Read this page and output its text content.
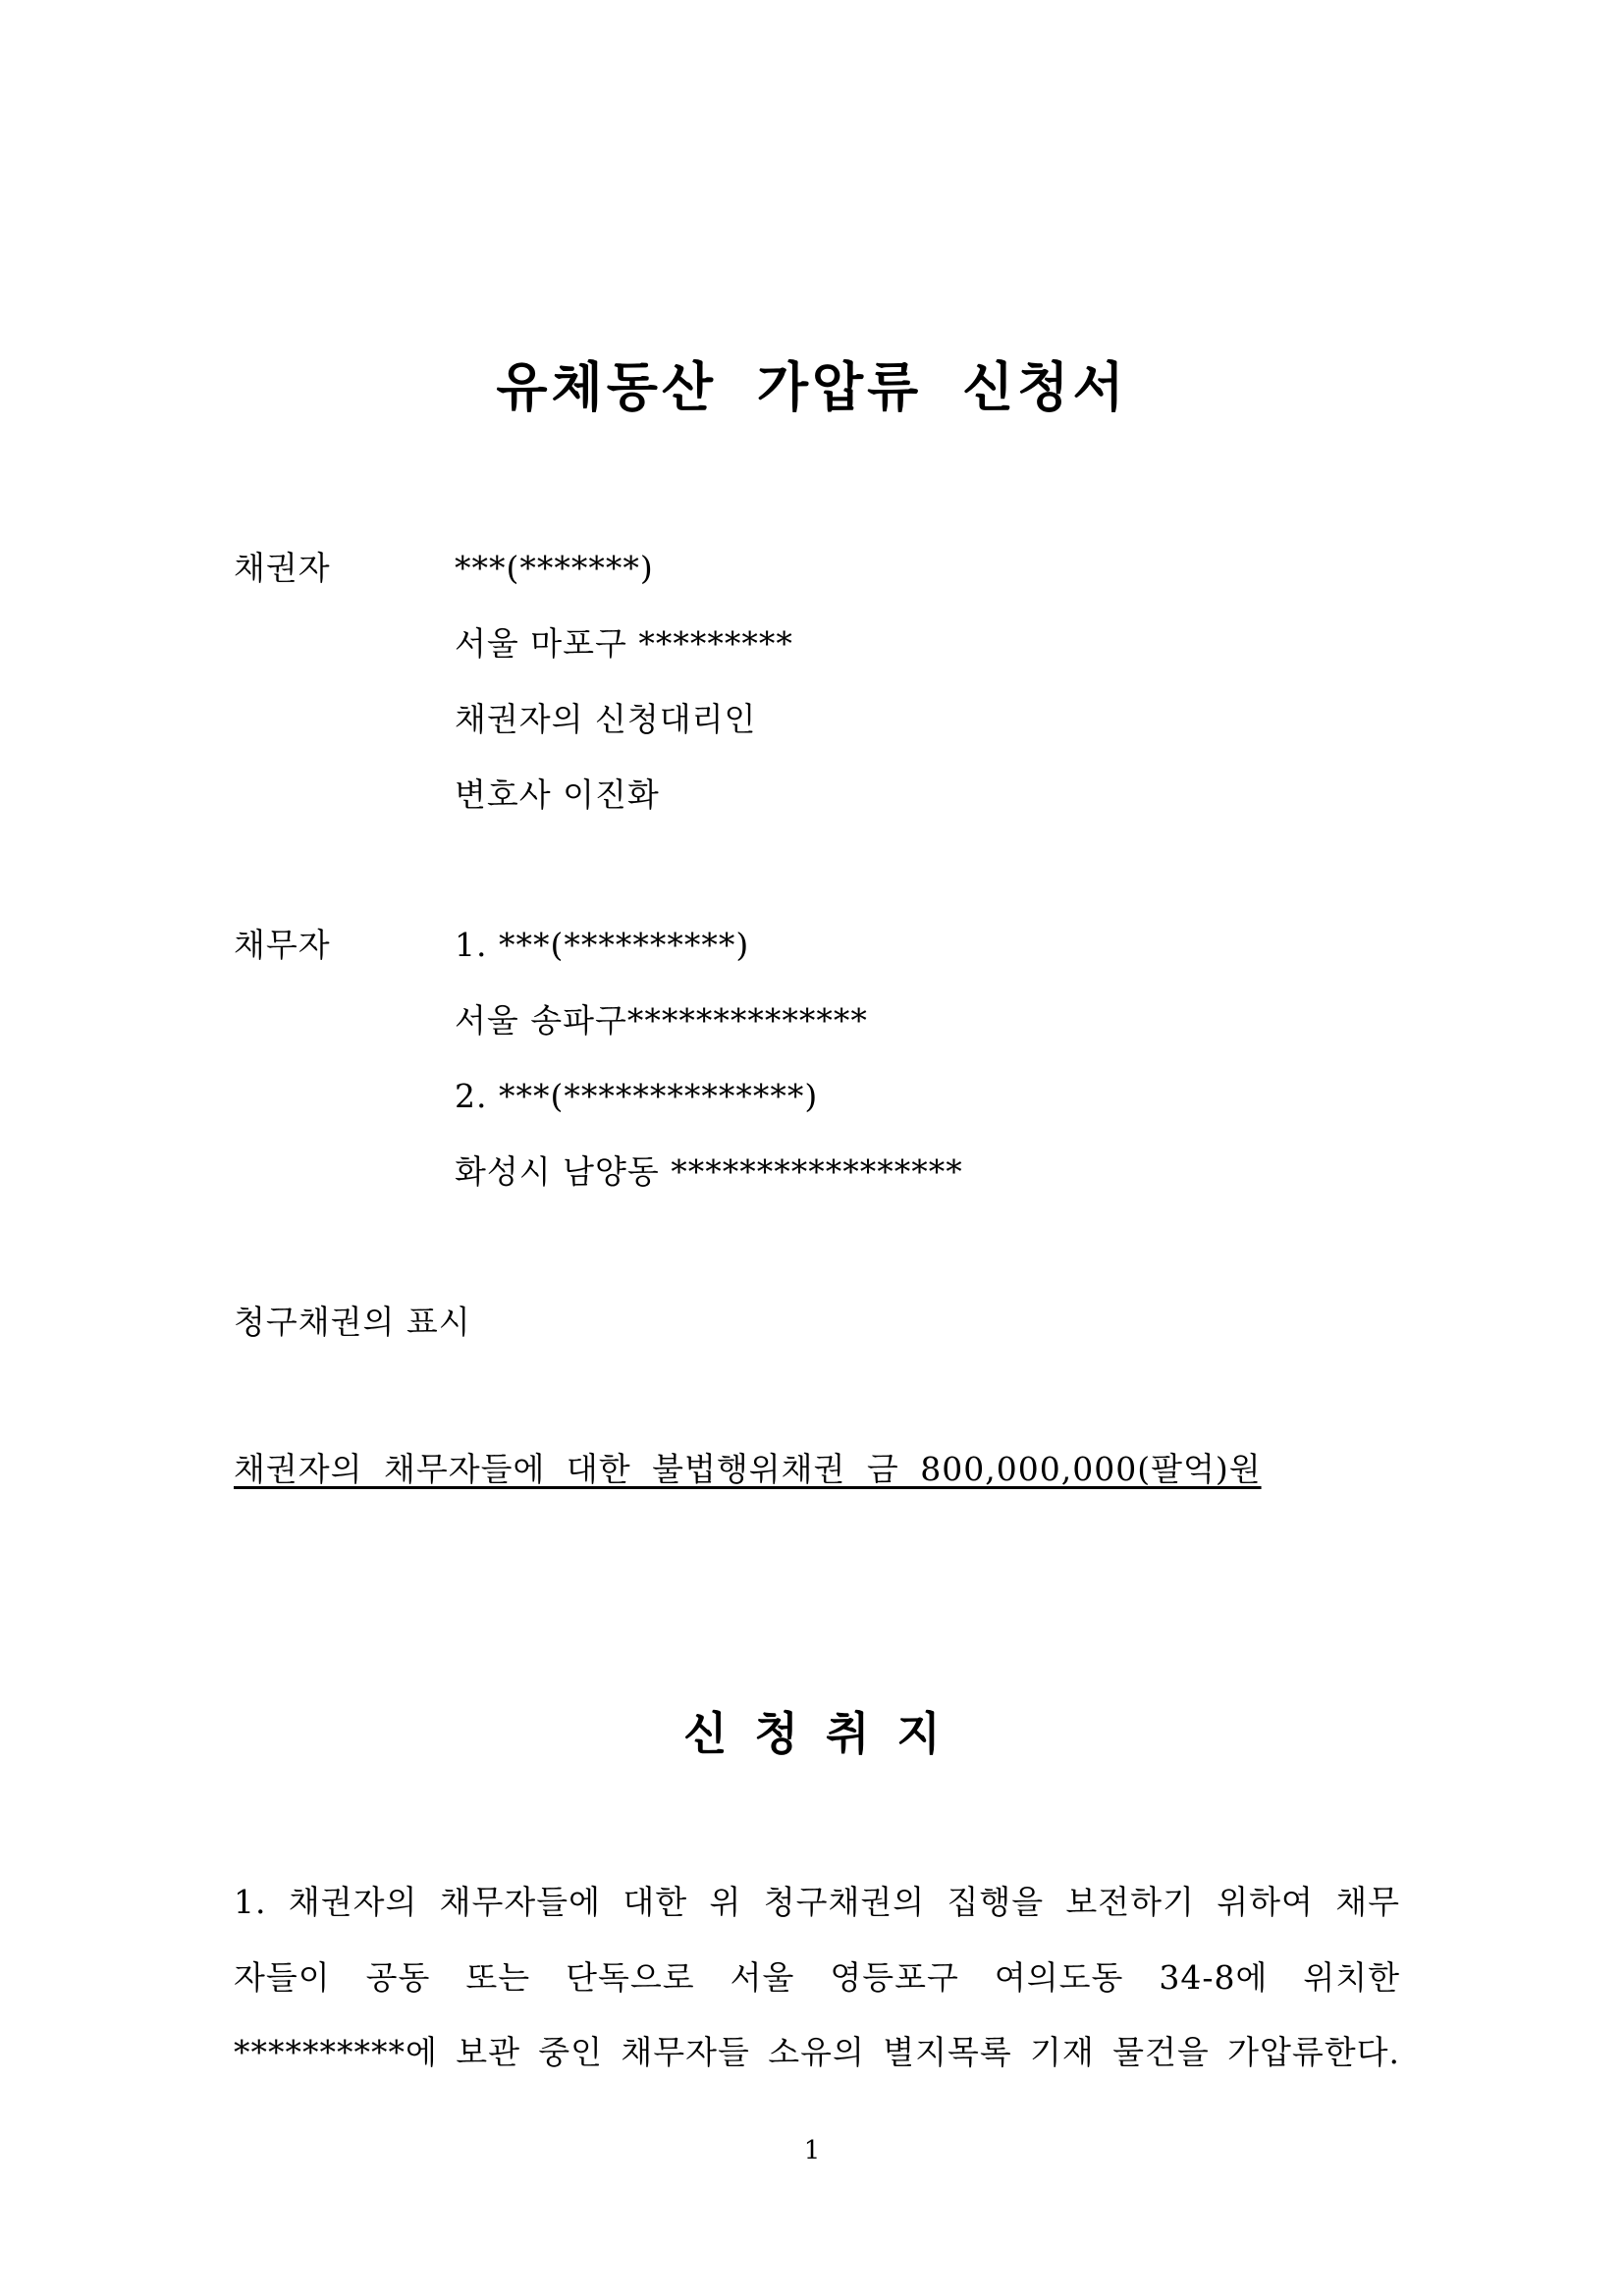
유체동산 가압류 신청서
채권자	***(*******)
서울 마포구 *********
채권자의 신청대리인
변호사 이진화
채무자	1. ***(**********)
서울 송파구**************
2. ***(**************)
화성시 남양동 *****************
청구채권의 표시
채권자의 채무자들에 대한 불법행위채권 금 800,000,000(팔억)원
신청취지
1. 채권자의 채무자들에 대한 위 청구채권의 집행을 보전하기 위하여 채무
자들이 공동 또는 단독으로 서울 영등포구 여의도동 34-8에 위치한
**********에 보관 중인 채무자들 소유의 별지목록 기재 물건을 가압류한다.
1
